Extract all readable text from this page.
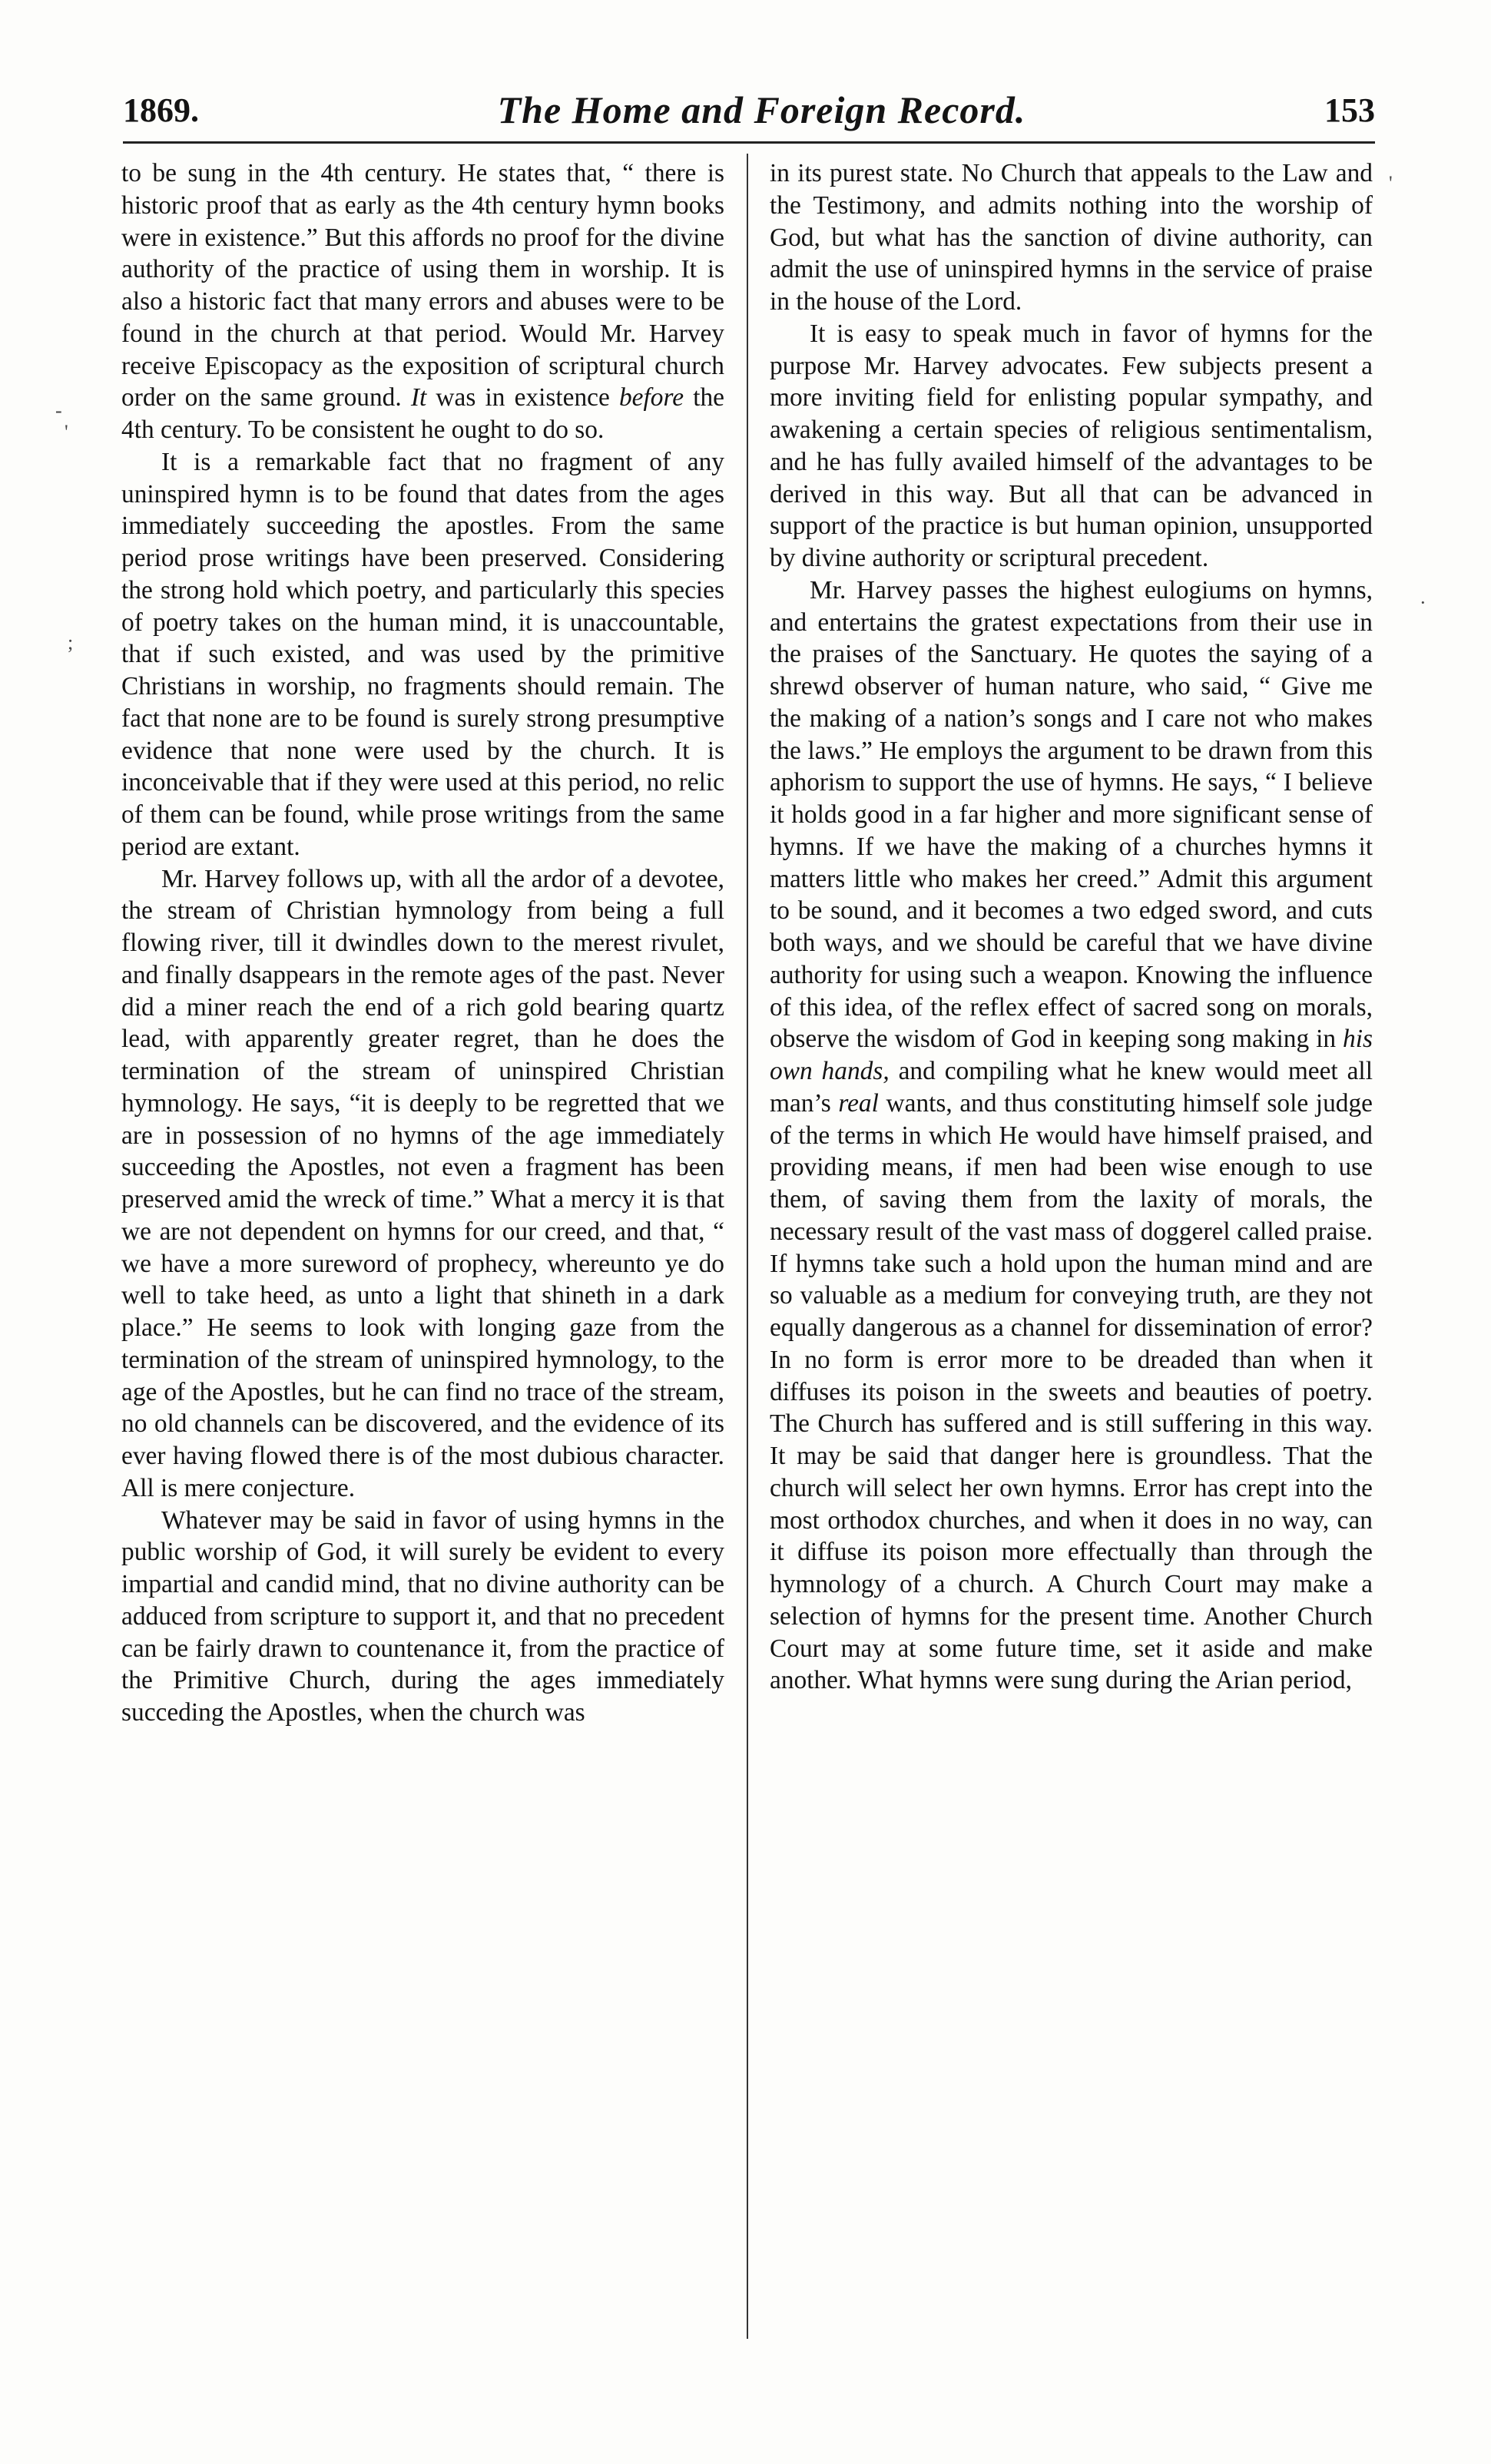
1869.	The Home and Foreign Record.	153

to be sung in the 4th century. He states that, “ there is historic proof that as early as the 4th century hymn books were in existence.” But this affords no proof for the divine authority of the practice of using them in worship. It is also a historic fact that many errors and abuses were to be found in the church at that period. Would Mr. Harvey receive Episcopacy as the exposition of scriptural church order on the same ground. It was in existence before the 4th century. To be consistent he ought to do so.

It is a remarkable fact that no fragment of any uninspired hymn is to be found that dates from the ages immediately succeeding the apostles. From the same period prose writings have been preserved. Considering the strong hold which poetry, and particularly this species of poetry takes on the human mind, it is unaccountable, that if such existed, and was used by the primitive Christians in worship, no fragments should remain. The fact that none are to be found is surely strong presumptive evidence that none were used by the church. It is inconceivable that if they were used at this period, no relic of them can be found, while prose writings from the same period are extant.

Mr. Harvey follows up, with all the ardor of a devotee, the stream of Christian hymnology from being a full flowing river, till it dwindles down to the merest rivulet, and finally dsappears in the remote ages of the past. Never did a miner reach the end of a rich gold bearing quartz lead, with apparently greater regret, than he does the termination of the stream of uninspired Christian hymnology. He says, “it is deeply to be regretted that we are in possession of no hymns of the age immediately succeeding the Apostles, not even a fragment has been preserved amid the wreck of time.” What a mercy it is that we are not dependent on hymns for our creed, and that, “ we have a more sureword of prophecy, whereunto ye do well to take heed, as unto a light that shineth in a dark place.” He seems to look with longing gaze from the termination of the stream of uninspired hymnology, to the age of the Apostles, but he can find no trace of the stream, no old channels can be discovered, and the evidence of its ever having flowed there is of the most dubious character. All is mere conjecture.

Whatever may be said in favor of using hymns in the public worship of God, it will surely be evident to every impartial and candid mind, that no divine authority can be adduced from scripture to support it, and that no precedent can be fairly drawn to countenance it, from the practice of the Primitive Church, during the ages immediately succeding the Apostles, when the church was

in its purest state. No Church that appeals to the Law and the Testimony, and admits nothing into the worship of God, but what has the sanction of divine authority, can admit the use of uninspired hymns in the service of praise in the house of the Lord.

It is easy to speak much in favor of hymns for the purpose Mr. Harvey advocates. Few subjects present a more inviting field for enlisting popular sympathy, and awakening a certain species of religious sentimentalism, and he has fully availed himself of the advantages to be derived in this way. But all that can be advanced in support of the practice is but human opinion, unsupported by divine authority or scriptural precedent.

Mr. Harvey passes the highest eulogiums on hymns, and entertains the gratest expectations from their use in the praises of the Sanctuary. He quotes the saying of a shrewd observer of human nature, who said, “ Give me the making of a nation’s songs and I care not who makes the laws.” He employs the argument to be drawn from this aphorism to support the use of hymns. He says, “ I believe it holds good in a far higher and more significant sense of hymns. If we have the making of a churches hymns it matters little who makes her creed.” Admit this argument to be sound, and it becomes a two edged sword, and cuts both ways, and we should be careful that we have divine authority for using such a weapon. Knowing the influence of this idea, of the reflex effect of sacred song on morals, observe the wisdom of God in keeping song making in his own hands, and compiling what he knew would meet all man’s real wants, and thus constituting himself sole judge of the terms in which He would have himself praised, and providing means, if men had been wise enough to use them, of saving them from the laxity of morals, the necessary result of the vast mass of doggerel called praise. If hymns take such a hold upon the human mind and are so valuable as a medium for conveying truth, are they not equally dangerous as a channel for dissemination of error? In no form is error more to be dreaded than when it diffuses its poison in the sweets and beauties of poetry. The Church has suffered and is still suffering in this way. It may be said that danger here is groundless. That the church will select her own hymns. Error has crept into the most orthodox churches, and when it does in no way, can it diffuse its poison more effectually than through the hymnology of a church. A Church Court may make a selection of hymns for the present time. Another Church Court may at some future time, set it aside and make another. What hymns were sung during the Arian period,

-
'
;
'
·
